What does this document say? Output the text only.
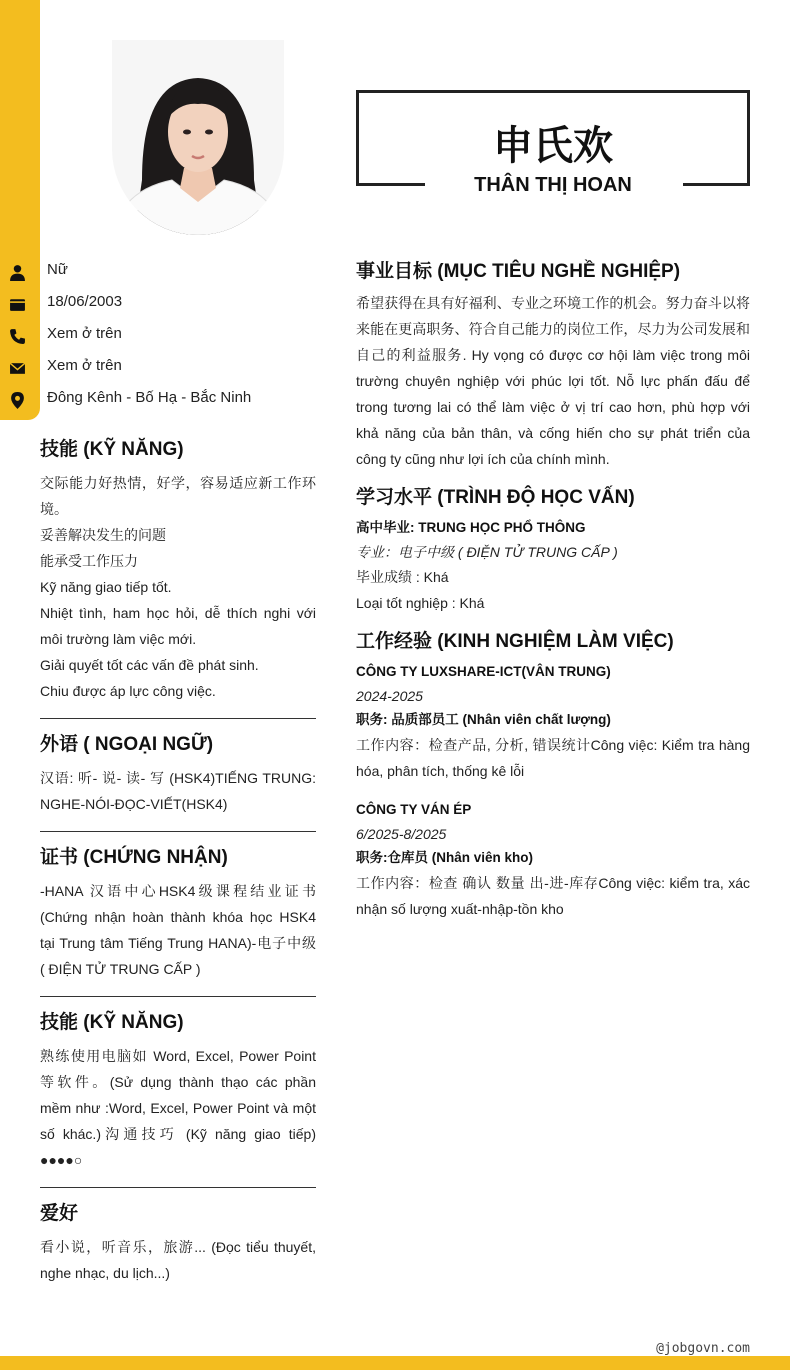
Nữ
18/06/2003
Xem ở trên
Xem ở trên
Đông Kênh - Bố Hạ - Bắc Ninh
申氏欢
THÂN THỊ HOAN
技能 (KỸ NĂNG)

交际能力好热情，好学，容易适应新工作环境。

妥善解决发生的问题

能承受工作压力

Kỹ năng giao tiếp tốt.

Nhiệt tình, ham học hỏi, dễ thích nghi với môi trường làm việc mới.

Giải quyết tốt các vấn đề phát sinh.

Chiu được áp lực công việc.

外语 ( NGOẠI NGỮ)

汉语: 听- 说- 读- 写 (HSK4)TIẾNG TRUNG: NGHE-NÓI-ĐỌC-VIẾT(HSK4)

证书 (CHỨNG NHẬN)

-HANA 汉语中心HSK4级课程结业证书 (Chứng nhận hoàn thành khóa học HSK4 tại Trung tâm Tiếng Trung HANA)-电子中级 ( ĐIỆN TỬ TRUNG CẤP )

技能 (KỸ NĂNG)

熟练使用电脑如 Word, Excel, Power Point 等软件。(Sử dụng thành thạo các phần mềm như :Word, Excel, Power Point và một số khác.)沟通技巧 (Kỹ năng giao tiếp) ●●●●○

爱好

看小说，听音乐，旅游... (Đọc tiểu thuyết, nghe nhạc, du lịch...)

事业目标 (MỤC TIÊU NGHỀ NGHIỆP)

希望获得在具有好福利、专业之环境工作的机会。努力奋斗以将来能在更高职务、符合自己能力的岗位工作，尽力为公司发展和自己的利益服务. Hy vọng có được cơ hội làm việc trong môi trường chuyên nghiệp với phúc lợi tốt. Nỗ lực phấn đấu để trong tương lai có thể làm việc ở vị trí cao hơn, phù hợp với khả năng của bản thân, và cống hiến cho sự phát triển của công ty cũng như lợi ích của chính mình.

学习水平 (TRÌNH ĐỘ HỌC VẤN)
高中毕业: TRUNG HỌC PHỔ THÔNG
专业：电子中级 ( ĐIỆN TỬ TRUNG CẤP )
毕业成绩 : Khá
Loại tốt nghiệp : Khá
工作经验 (KINH NGHIỆM LÀM VIỆC)
CÔNG TY LUXSHARE-ICT(VÂN TRUNG)
2024-2025
职务: 品质部员工 (Nhân viên chất lượng)

工作内容：检查产品, 分析, 错误统计Công việc: Kiểm tra hàng hóa, phân tích, thống kê lỗi

CÔNG TY VÁN ÉP
6/2025-8/2025
职务:仓库员 (Nhân viên kho)

工作内容：检查 确认 数量 出-进-库存Công việc: kiểm tra, xác nhận số lượng xuất-nhập-tồn kho

@jobgovn.com
